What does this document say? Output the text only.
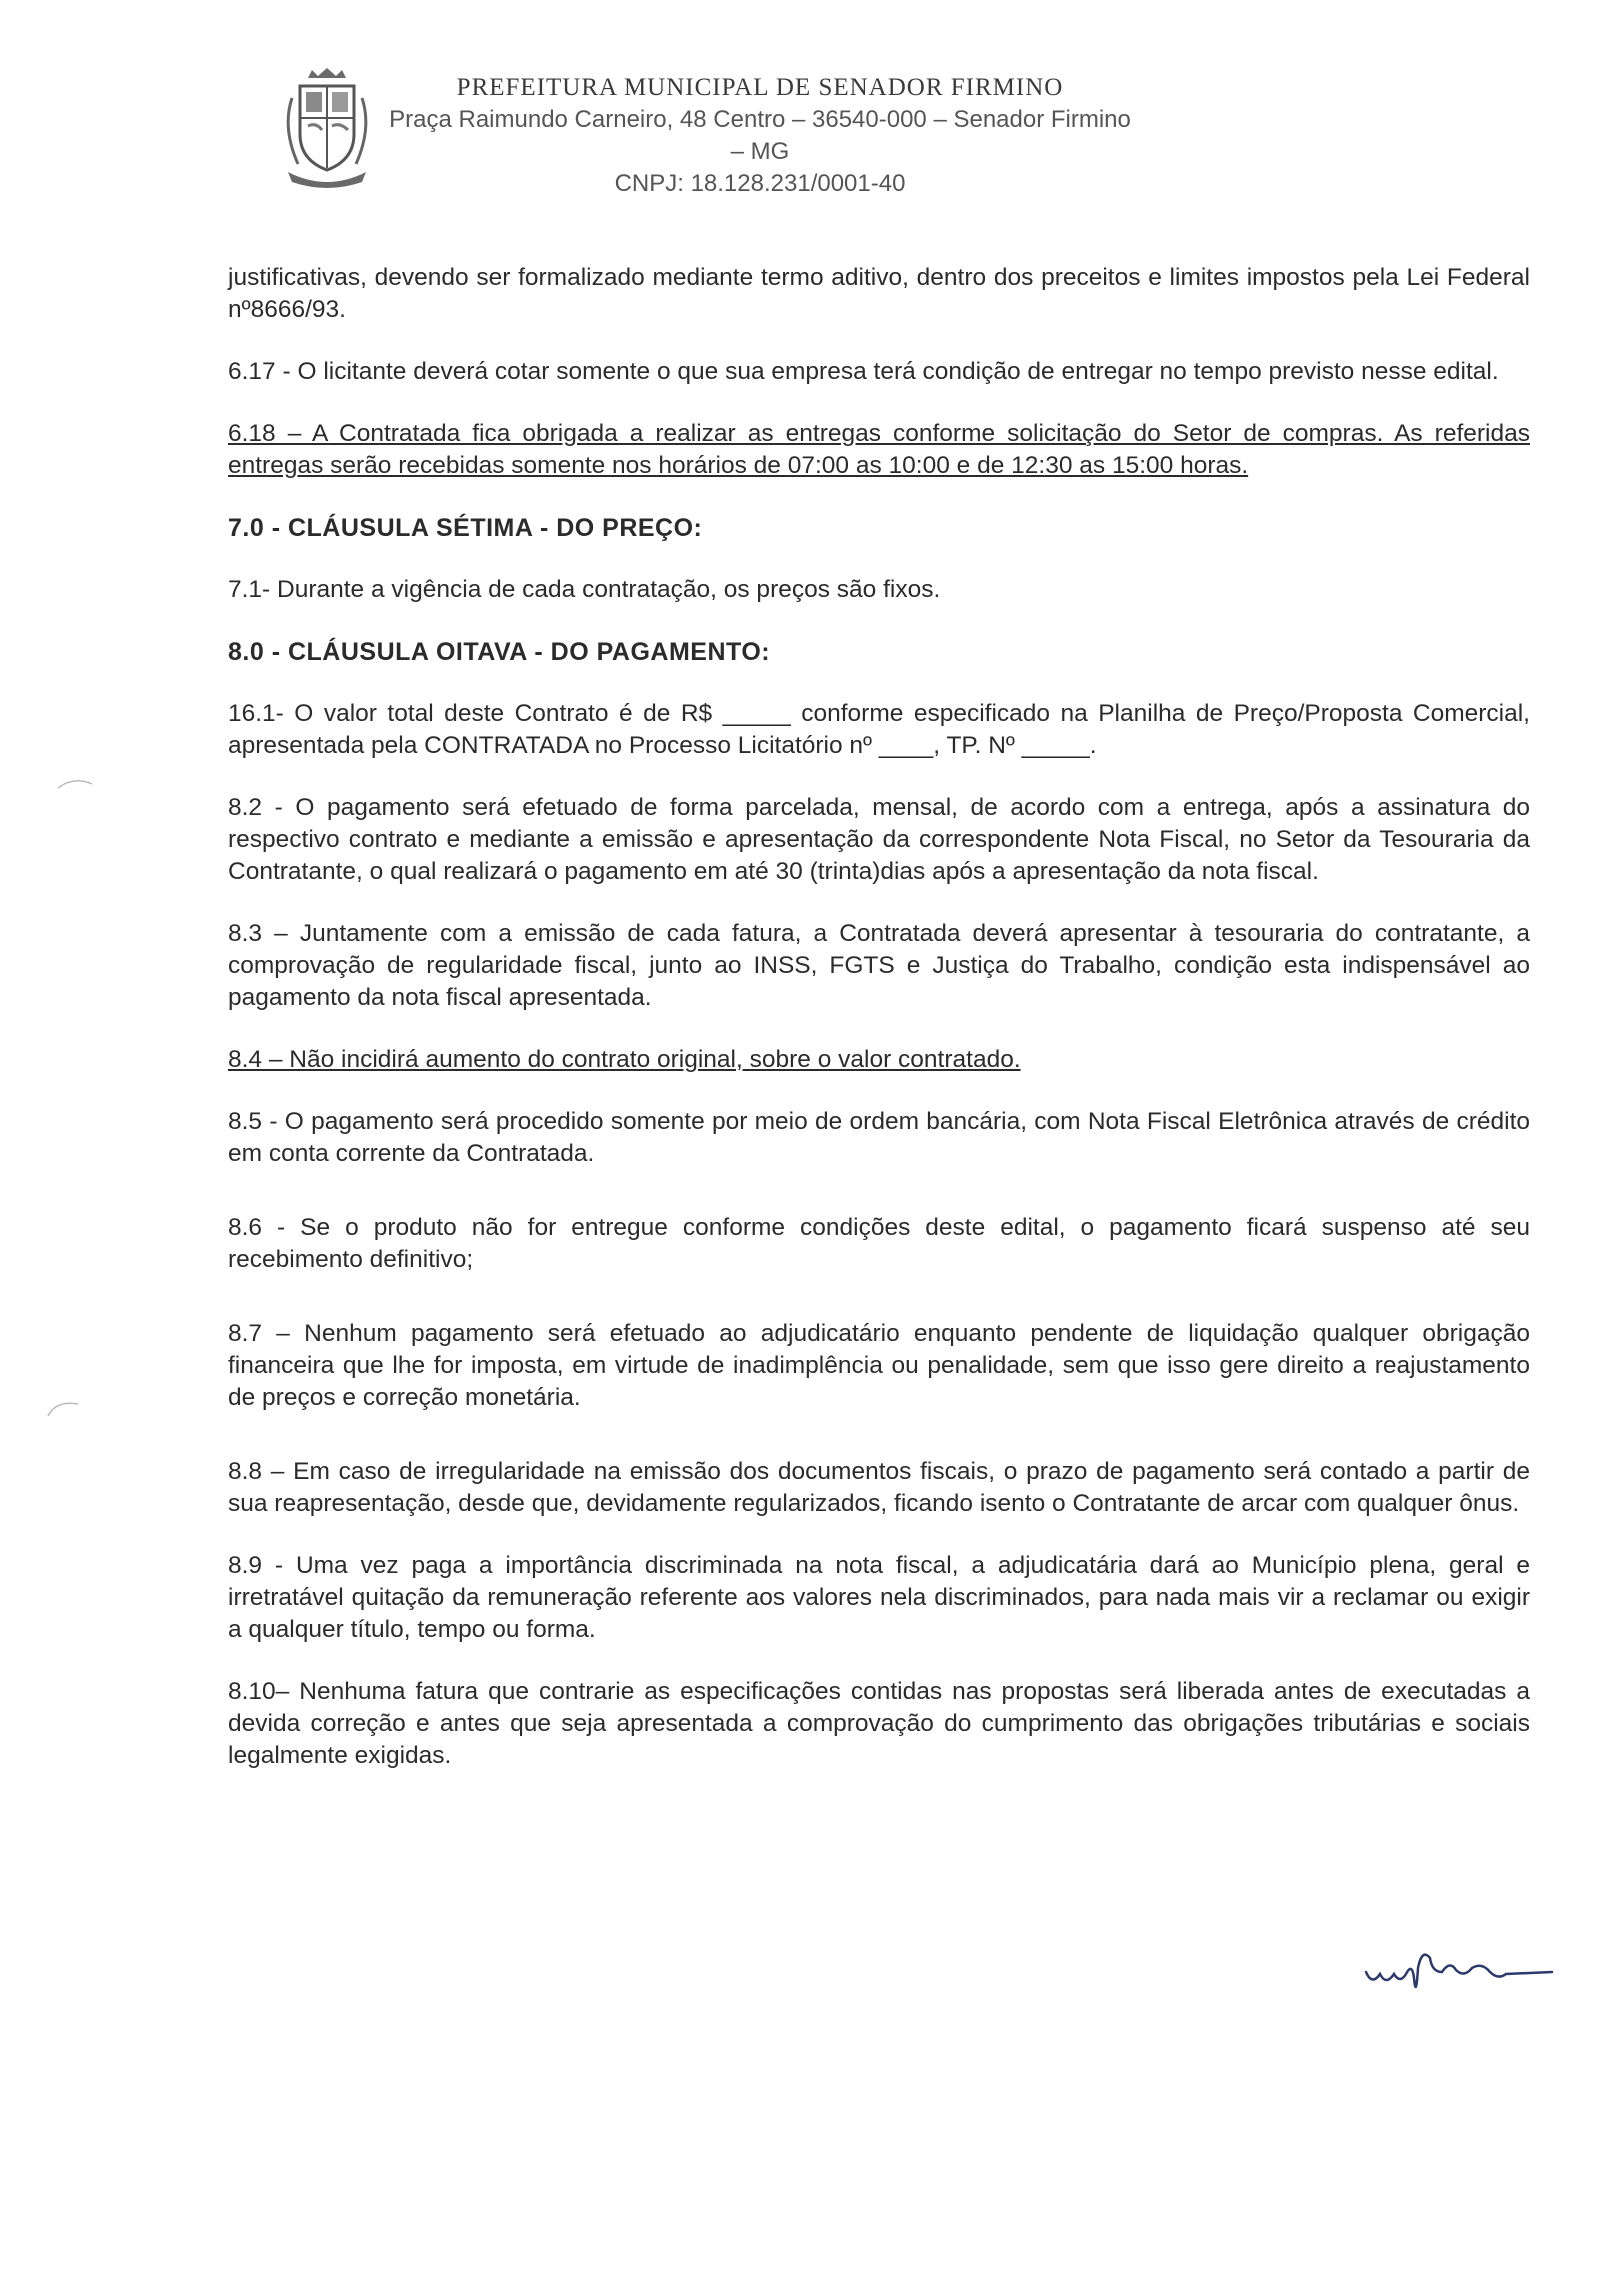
PREFEITURA MUNICIPAL DE SENADOR FIRMINO
Praça Raimundo Carneiro, 48 Centro – 36540-000 – Senador Firmino – MG
CNPJ: 18.128.231/0001-40

justificativas, devendo ser formalizado mediante termo aditivo, dentro dos preceitos e limites impostos pela Lei Federal nº8666/93.

6.17 - O licitante deverá cotar somente o que sua empresa terá condição de entregar no tempo previsto nesse edital.

6.18 – A Contratada fica obrigada a realizar as entregas conforme solicitação do Setor de compras. As referidas entregas serão recebidas somente nos horários de 07:00 as 10:00 e de 12:30 as 15:00 horas.

7.0 - CLÁUSULA SÉTIMA - DO PREÇO:

7.1- Durante a vigência de cada contratação, os preços são fixos.

8.0 - CLÁUSULA OITAVA - DO PAGAMENTO:

16.1- O valor total deste Contrato é de R$ _____ conforme especificado na Planilha de Preço/Proposta Comercial, apresentada pela CONTRATADA no Processo Licitatório nº ____, TP. Nº _____.

8.2 - O pagamento será efetuado de forma parcelada, mensal, de acordo com a entrega, após a assinatura do respectivo contrato e mediante a emissão e apresentação da correspondente Nota Fiscal, no Setor da Tesouraria da Contratante, o qual realizará o pagamento em até 30 (trinta)dias após a apresentação da nota fiscal.

8.3 – Juntamente com a emissão de cada fatura, a Contratada deverá apresentar à tesouraria do contratante, a comprovação de regularidade fiscal, junto ao INSS, FGTS e Justiça do Trabalho, condição esta indispensável ao pagamento da nota fiscal apresentada.

8.4 – Não incidirá aumento do contrato original, sobre o valor contratado.

8.5 - O pagamento será procedido somente por meio de ordem bancária, com Nota Fiscal Eletrônica através de crédito em conta corrente da Contratada.

8.6 - Se o produto não for entregue conforme condições deste edital, o pagamento ficará suspenso até seu recebimento definitivo;

8.7 – Nenhum pagamento será efetuado ao adjudicatário enquanto pendente de liquidação qualquer obrigação financeira que lhe for imposta, em virtude de inadimplência ou penalidade, sem que isso gere direito a reajustamento de preços e correção monetária.

8.8 – Em caso de irregularidade na emissão dos documentos fiscais, o prazo de pagamento será contado a partir de sua reapresentação, desde que, devidamente regularizados, ficando isento o Contratante de arcar com qualquer ônus.

8.9 - Uma vez paga a importância discriminada na nota fiscal, a adjudicatária dará ao Município plena, geral e irretratável quitação da remuneração referente aos valores nela discriminados, para nada mais vir a reclamar ou exigir a qualquer título, tempo ou forma.

8.10– Nenhuma fatura que contrarie as especificações contidas nas propostas será liberada antes de executadas a devida correção e antes que seja apresentada a comprovação do cumprimento das obrigações tributárias e sociais legalmente exigidas.
